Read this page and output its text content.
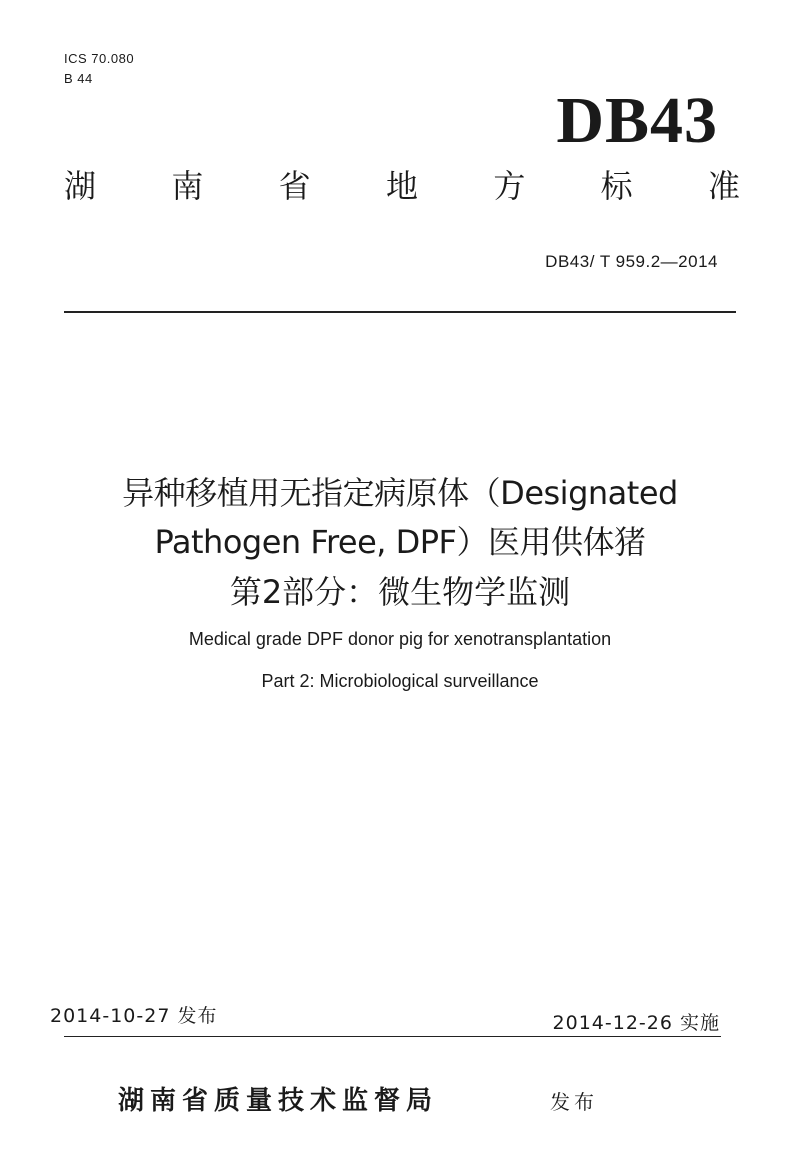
ICS 70.080
B 44
DB43
湖 南 省 地 方 标 准
DB43/ T 959.2—2014
异种移植用无指定病原体（Designated
Pathogen Free, DPF）医用供体猪
第2部分：微生物学监测
Medical grade DPF donor pig for xenotransplantation
Part 2: Microbiological surveillance
2014-10-27 发布	2014-12-26 实施
湖南省质量技术监督局	发布
